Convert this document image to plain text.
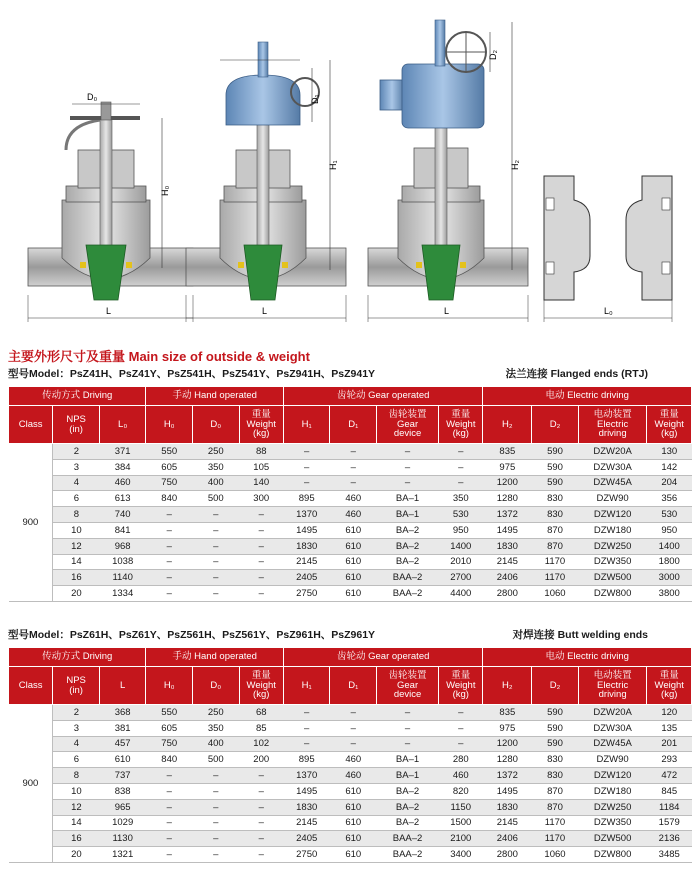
D₀
H₀
L
D₁
H₁
L
D₂
H₂
L	L₀
主要外形尺寸及重量 Main size of outside & weight
型号Model：PsZ41H、PsZ41Y、PsZ541H、PsZ541Y、PsZ941H、PsZ941Y	法兰连接 Flanged ends (RTJ)
传动方式 Driving			手动 Hand operated			齿轮动 Gear operated				电动 Electric driving			
Class	NPS
(in)	L₀	H₀	D₀	重量
Weight
(kg)	H₁	D₁	齿轮装置
Gear
device	重量
Weight
(kg)	H₂	D₂	电动装置
Electric
driving	重量
Weight
(kg)
900	2	371	550	250	88	–	–	–	–	835	590	DZW20A	130
	3	384	605	350	105	–	–	–	–	975	590	DZW30A	142
	4	460	750	400	140	–	–	–	–	1200	590	DZW45A	204
	6	613	840	500	300	895	460	BA–1	350	1280	830	DZW90	356
	8	740	–	–	–	1370	460	BA–1	530	1372	830	DZW120	530
	10	841	–	–	–	1495	610	BA–2	950	1495	870	DZW180	950
	12	968	–	–	–	1830	610	BA–2	1400	1830	870	DZW250	1400
	14	1038	–	–	–	2145	610	BA–2	2010	2145	1170	DZW350	1800
	16	1140	–	–	–	2405	610	BAA–2	2700	2406	1170	DZW500	3000
	20	1334	–	–	–	2750	610	BAA–2	4400	2800	1060	DZW800	3800
型号Model：PsZ61H、PsZ61Y、PsZ561H、PsZ561Y、PsZ961H、PsZ961Y	对焊连接 Butt welding ends
传动方式 Driving			手动 Hand operated			齿轮动 Gear operated				电动 Electric driving			
Class	NPS
(in)	L	H₀	D₀	重量
Weight
(kg)	H₁	D₁	齿轮装置
Gear
device	重量
Weight
(kg)	H₂	D₂	电动装置
Electric
driving	重量
Weight
(kg)
900	2	368	550	250	68	–	–	–	–	835	590	DZW20A	120
	3	381	605	350	85	–	–	–	–	975	590	DZW30A	135
	4	457	750	400	102	–	–	–	–	1200	590	DZW45A	201
	6	610	840	500	200	895	460	BA–1	280	1280	830	DZW90	293
	8	737	–	–	–	1370	460	BA–1	460	1372	830	DZW120	472
	10	838	–	–	–	1495	610	BA–2	820	1495	870	DZW180	845
	12	965	–	–	–	1830	610	BA–2	1150	1830	870	DZW250	1184
	14	1029	–	–	–	2145	610	BA–2	1500	2145	1170	DZW350	1579
	16	1130	–	–	–	2405	610	BAA–2	2100	2406	1170	DZW500	2136
	20	1321	–	–	–	2750	610	BAA–2	3400	2800	1060	DZW800	3485
